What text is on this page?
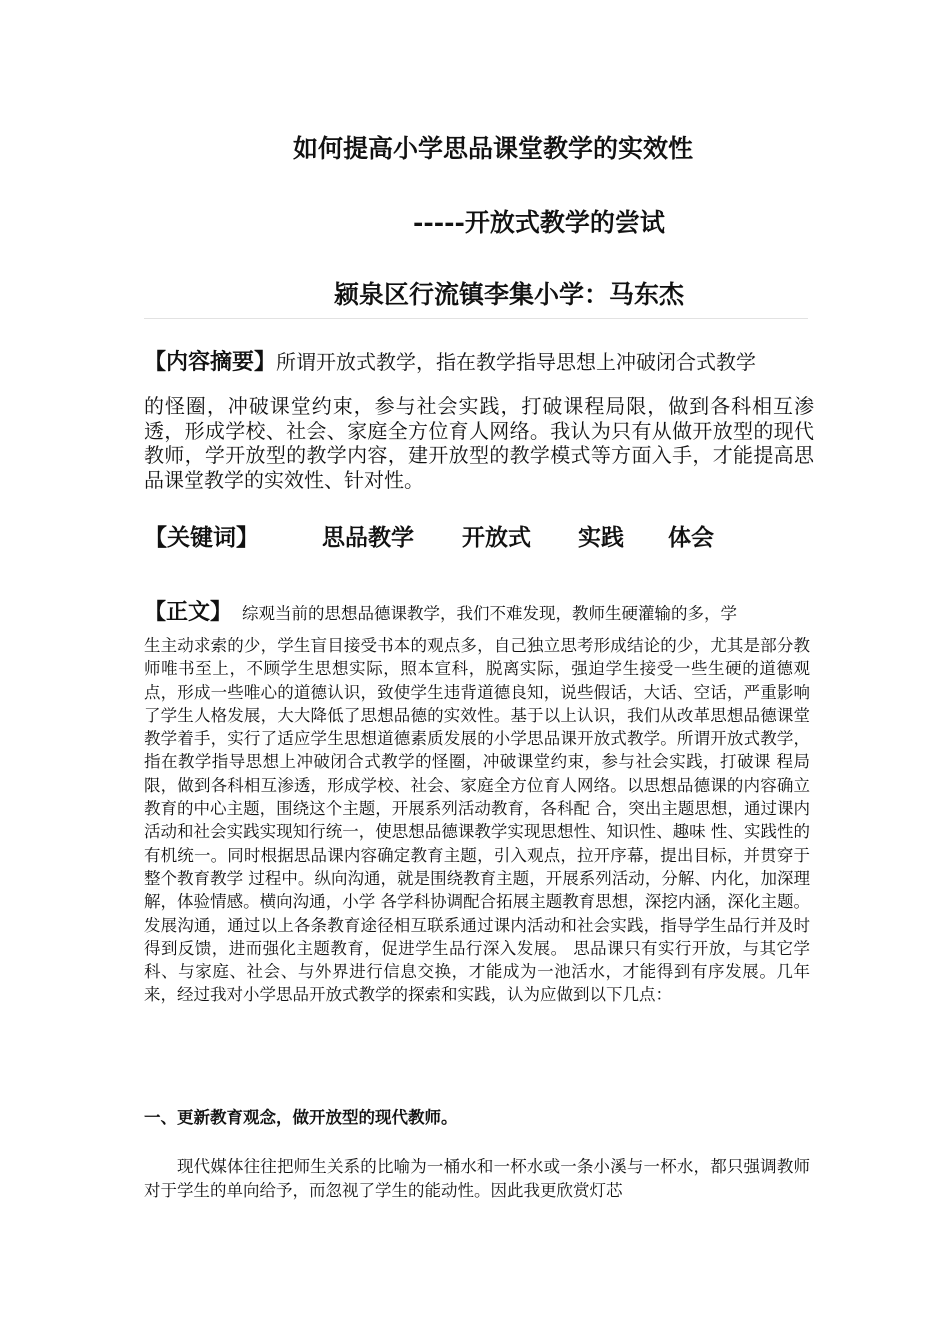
如何提高小学思品课堂教学的实效性
-----开放式教学的尝试
颍泉区行流镇李集小学：马东杰
【内容摘要】所谓开放式教学，指在教学指导思想上冲破闭合式教学
的怪圈，冲破课堂约束，参与社会实践，打破课程局限，做到各科相互渗透，形成学校、社会、家庭全方位育人网络。我认为只有从做开放型的现代教师，学开放型的教学内容，建开放型的教学模式等方面入手，才能提高思品课堂教学的实效性、针对性。
【关键词】	思品教学 开放式 实践 体会
【正文】 综观当前的思想品德课教学，我们不难发现，教师生硬灌输的多，学
生主动求索的少，学生盲目接受书本的观点多，自己独立思考形成结论的少，尤其是部分教师唯书至上，不顾学生思想实际，照本宣科，脱离实际，强迫学生接受一些生硬的道德观点，形成一些唯心的道德认识，致使学生违背道德良知，说些假话，大话、空话，严重影响了学生人格发展，大大降低了思想品德的实效性。基于以上认识，我们从改革思想品德课堂教学着手，实行了适应学生思想道德素质发展的小学思品课开放式教学。所谓开放式教学，指在教学指导思想上冲破闭合式教学的怪圈，冲破课堂约束，参与社会实践，打破课 程局限，做到各科相互渗透，形成学校、社会、家庭全方位育人网络。以思想品德课的内容确立教育的中心主题，围绕这个主题，开展系列活动教育，各科配 合，突出主题思想，通过课内活动和社会实践实现知行统一，使思想品德课教学实现思想性、知识性、趣味 性、实践性的有机统一。同时根据思品课内容确定教育主题，引入观点，拉开序幕，提出目标，并贯穿于整个教育教学 过程中。纵向沟通，就是围绕教育主题，开展系列活动，分解、内化，加深理解，体验情感。横向沟通，小学 各学科协调配合拓展主题教育思想，深挖内涵，深化主题。发展沟通，通过以上各条教育途径相互联系通过课内活动和社会实践，指导学生品行并及时得到反馈，进而强化主题教育，促进学生品行深入发展。 思品课只有实行开放，与其它学科、与家庭、社会、与外界进行信息交换，才能成为一池活水，才能得到有序发展。几年来，经过我对小学思品开放式教学的探索和实践，认为应做到以下几点：
一、更新教育观念，做开放型的现代教师。
现代媒体往往把师生关系的比喻为一桶水和一杯水或一条小溪与一杯水，都只强调教师对于学生的单向给予，而忽视了学生的能动性。因此我更欣赏灯芯
